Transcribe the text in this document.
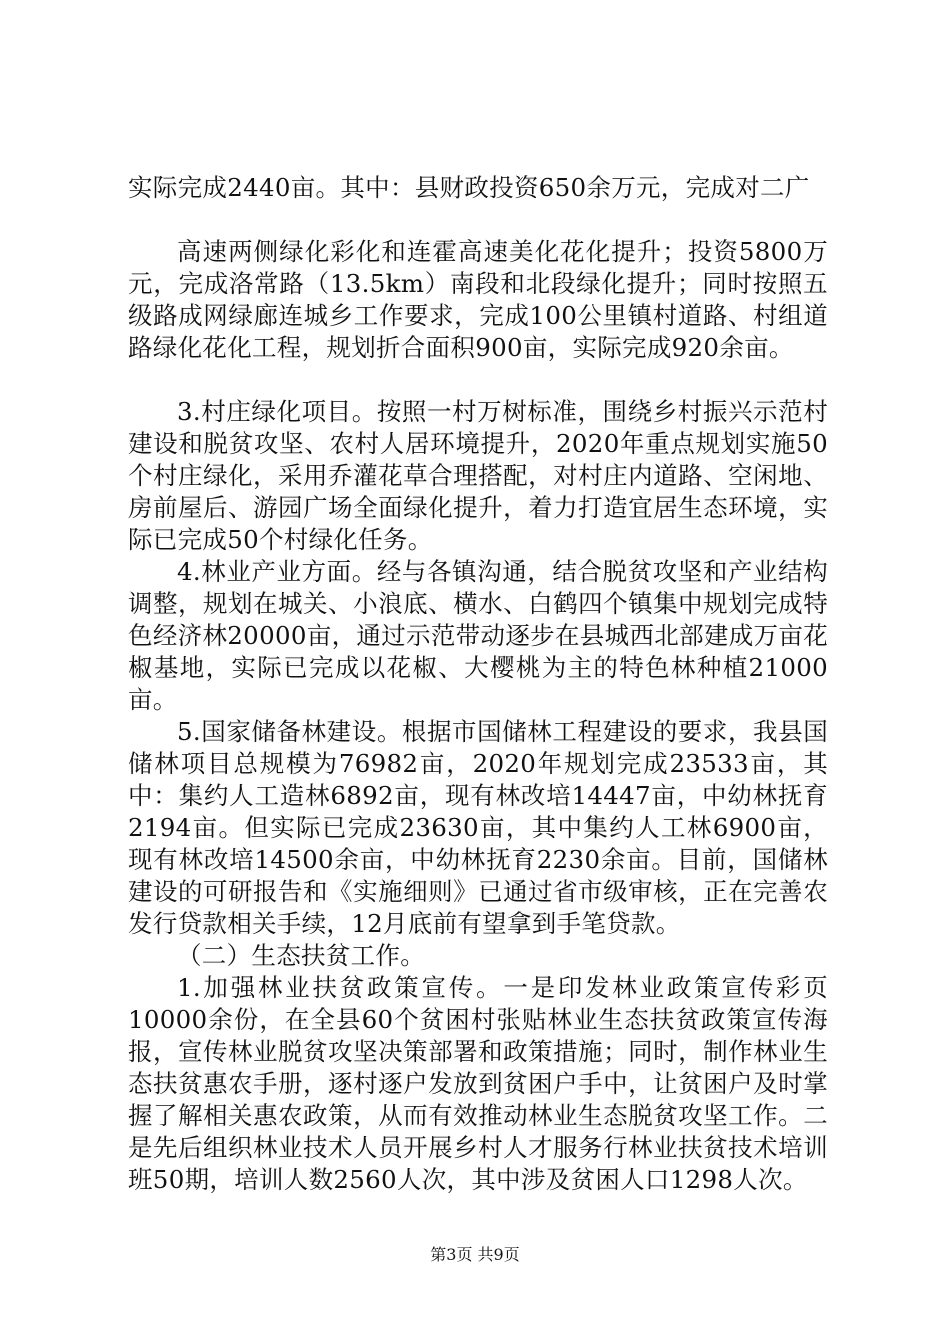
实际完成2440亩。其中：县财政投资650余万元，完成对二广

高速两侧绿化彩化和连霍高速美化花化提升；投资5800万元，完成洛常路（13.5km）南段和北段绿化提升；同时按照五级路成网绿廊连城乡工作要求，完成100公里镇村道路、村组道路绿化花化工程，规划折合面积900亩，实际完成920余亩。

3.村庄绿化项目。按照一村万树标准，围绕乡村振兴示范村建设和脱贫攻坚、农村人居环境提升，2020年重点规划实施50个村庄绿化，采用乔灌花草合理搭配，对村庄内道路、空闲地、房前屋后、游园广场全面绿化提升，着力打造宜居生态环境，实际已完成50个村绿化任务。

4.林业产业方面。经与各镇沟通，结合脱贫攻坚和产业结构调整，规划在城关、小浪底、横水、白鹤四个镇集中规划完成特色经济林20000亩，通过示范带动逐步在县城西北部建成万亩花椒基地，实际已完成以花椒、大樱桃为主的特色林种植21000亩。

5.国家储备林建设。根据市国储林工程建设的要求，我县国储林项目总规模为76982亩，2020年规划完成23533亩，其中：集约人工造林6892亩，现有林改培14447亩，中幼林抚育2194亩。但实际已完成23630亩，其中集约人工林6900亩，现有林改培14500余亩，中幼林抚育2230余亩。目前，国储林建设的可研报告和《实施细则》已通过省市级审核，正在完善农发行贷款相关手续，12月底前有望拿到手笔贷款。

（二）生态扶贫工作。

1.加强林业扶贫政策宣传。一是印发林业政策宣传彩页10000余份，在全县60个贫困村张贴林业生态扶贫政策宣传海报，宣传林业脱贫攻坚决策部署和政策措施；同时，制作林业生态扶贫惠农手册，逐村逐户发放到贫困户手中，让贫困户及时掌握了解相关惠农政策，从而有效推动林业生态脱贫攻坚工作。二是先后组织林业技术人员开展乡村人才服务行林业扶贫技术培训班50期，培训人数2560人次，其中涉及贫困人口1298人次。

第3页 共9页
